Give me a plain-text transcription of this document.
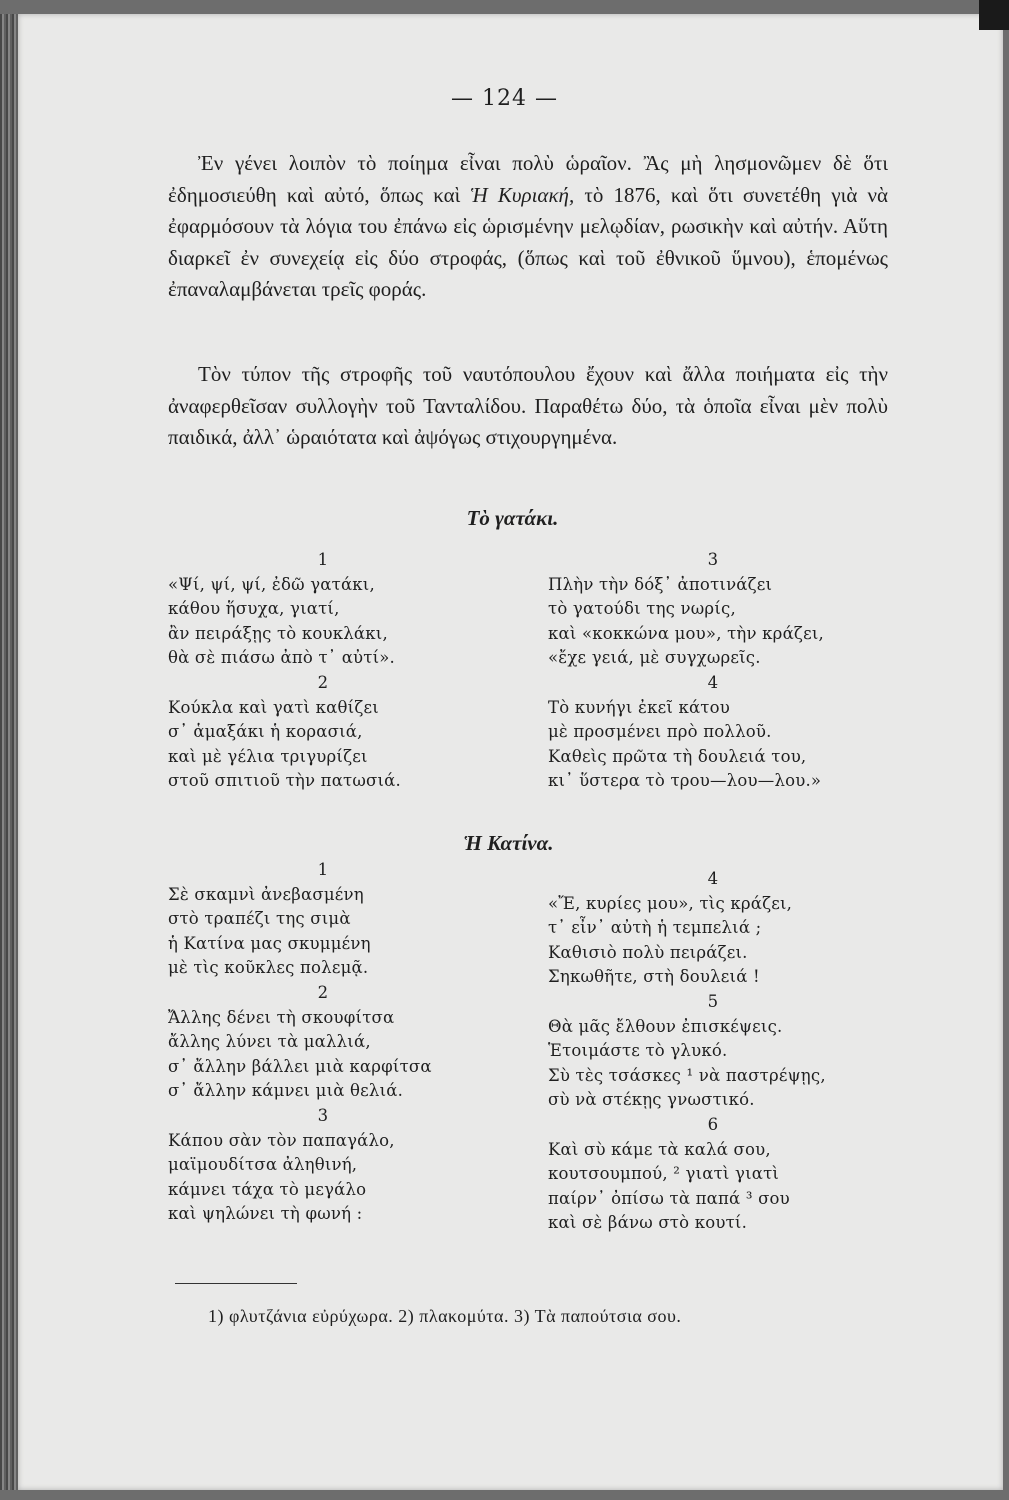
— 124 —

Ἐν γένει λοιπὸν τὸ ποίημα εἶναι πολὺ ὡραῖον. Ἂς μὴ λησμονῶμεν δὲ ὅτι ἐδημοσιεύθη καὶ αὐτό, ὅπως καὶ Ἡ Κυριακή, τὸ 1876, καὶ ὅτι συνετέθη γιὰ νὰ ἐφαρμόσουν τὰ λόγια του ἐπάνω εἰς ὡρισμένην μελῳδίαν, ρωσικὴν καὶ αὐτήν. Αὕτη διαρκεῖ ἐν συνεχείᾳ εἰς δύο στροφάς, (ὅπως καὶ τοῦ ἐθνικοῦ ὕμνου), ἑπομένως ἐπαναλαμβάνεται τρεῖς φοράς.

Τὸν τύπον τῆς στροφῆς τοῦ ναυτόπουλου ἔχουν καὶ ἄλλα ποιήματα εἰς τὴν ἀναφερθεῖσαν συλλογὴν τοῦ Τανταλίδου. Παραθέτω δύο, τὰ ὁποῖα εἶναι μὲν πολὺ παιδικά, ἀλλ᾽ ὡραιότατα καὶ ἀψόγως στιχουργημένα.

Τὸ γατάκι.
1
«Ψί, ψί, ψί, ἐδῶ γατάκι,
κάθου ἥσυχα, γιατί,
ἂν πειράξῃς τὸ κουκλάκι,
θὰ σὲ πιάσω ἀπὸ τ᾽ αὐτί».
2
Κούκλα καὶ γατὶ καθίζει
σ᾽ ἁμαξάκι ἡ κορασιά,
καὶ μὲ γέλια τριγυρίζει
στοῦ σπιτιοῦ τὴν πατωσιά.
3
Πλὴν τὴν δόξ᾽ ἀποτινάζει
τὸ γατούδι της νωρίς,
καὶ «κοκκώνα μου», τὴν κράζει,
«ἔχε γειά, μὲ συγχωρεῖς.
4
Τὸ κυνήγι ἐκεῖ κάτου
μὲ προσμένει πρὸ πολλοῦ.
Καθεὶς πρῶτα τὴ δουλειά του,
κι᾽ ὕστερα τὸ τρου—λου—λου.»
Ἡ Κατίνα.
1
Σὲ σκαμνὶ ἀνεβασμένη
στὸ τραπέζι της σιμὰ
ἡ Κατίνα μας σκυμμένη
μὲ τὶς κοῦκλες πολεμᾷ.
2
Ἄλλης δένει τὴ σκουφίτσα
ἄλλης λύνει τὰ μαλλιά,
σ᾽ ἄλλην βάλλει μιὰ καρφίτσα
σ᾽ ἄλλην κάμνει μιὰ θελιά.
3
Κάπου σὰν τὸν παπαγάλο,
μαϊμουδίτσα ἀληθινή,
κάμνει τάχα τὸ μεγάλο
καὶ ψηλώνει τὴ φωνή :
4
«Ἔ, κυρίες μου», τὶς κράζει,
τ᾽ εἶν᾽ αὐτὴ ἡ τεμπελιά ;
Καθισιὸ πολὺ πειράζει.
Σηκωθῆτε, στὴ δουλειά !
5
Θὰ μᾶς ἔλθουν ἐπισκέψεις.
Ἑτοιμάστε τὸ γλυκό.
Σὺ τὲς τσάσκες ¹ νὰ παστρέψῃς,
σὺ νὰ στέκῃς γνωστικό.
6
Καὶ σὺ κάμε τὰ καλά σου,
κουτσουμπού, ² γιατὶ γιατὶ
παίρν᾽ ὀπίσω τὰ παπά ³ σου
καὶ σὲ βάνω στὸ κουτί.
1) φλυτζάνια εὐρύχωρα. 2) πλακομύτα. 3) Τὰ παπούτσια σου.
